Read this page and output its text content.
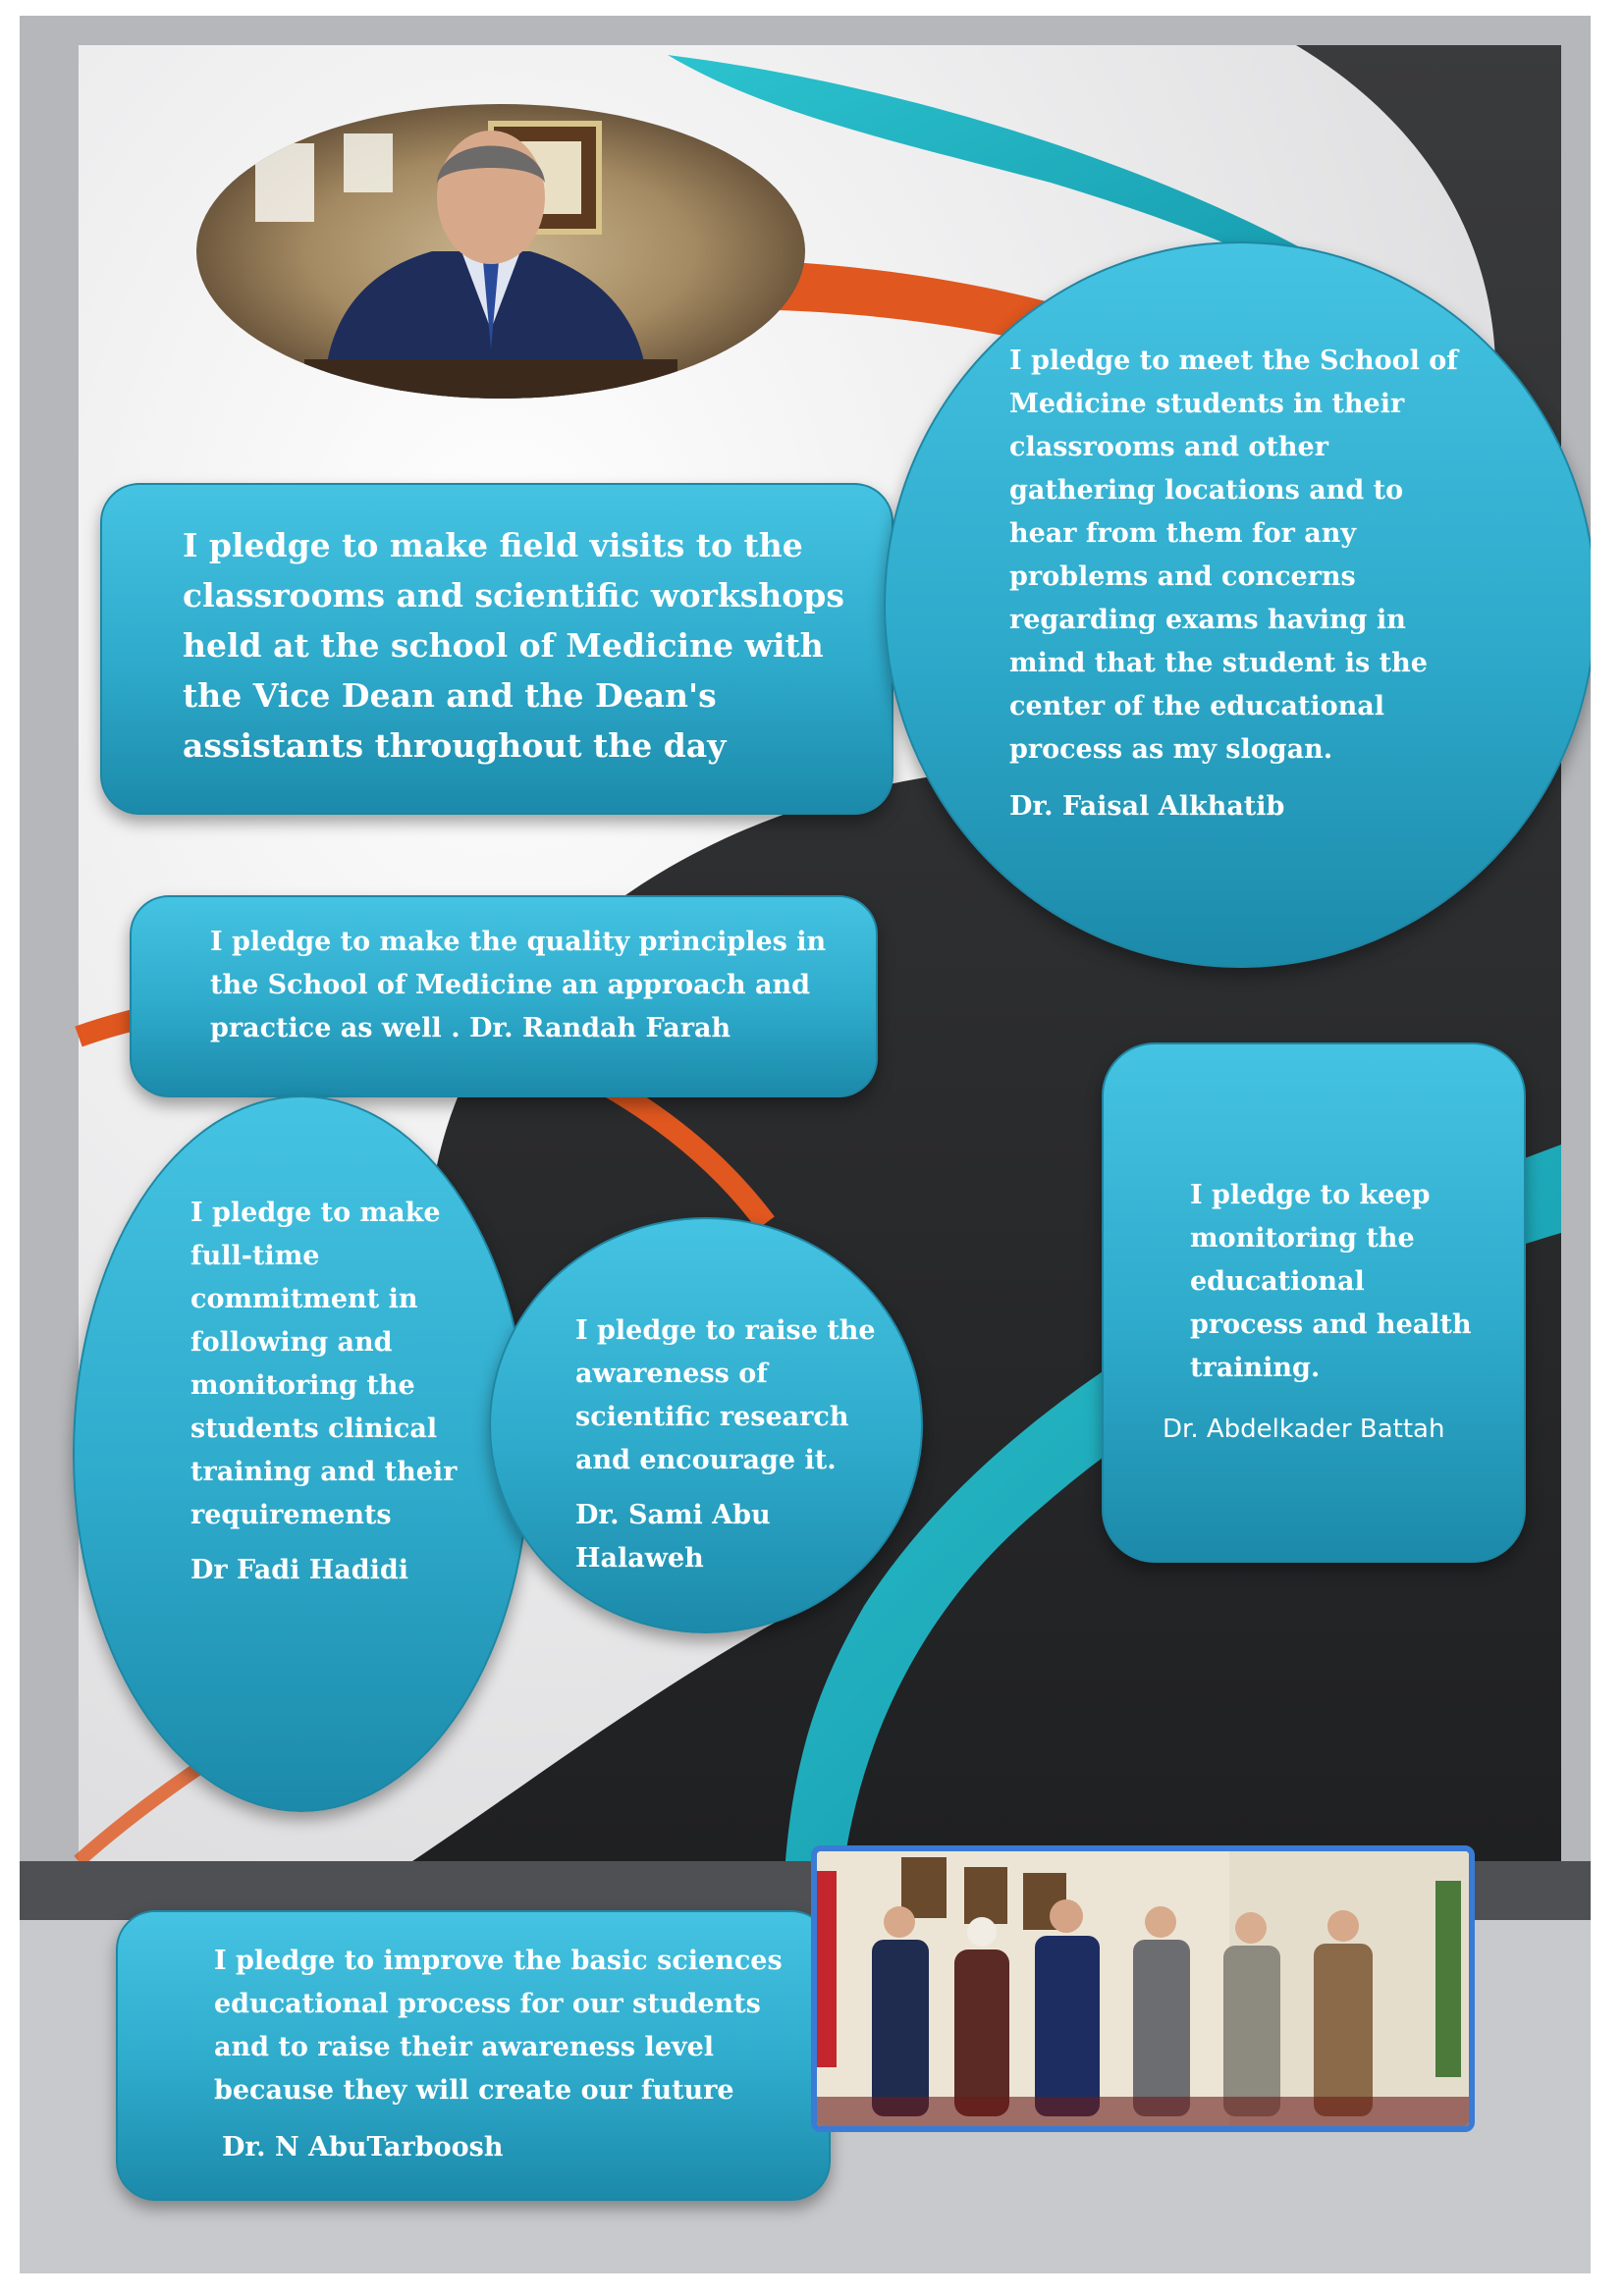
I pledge to make field visits to the classrooms and scientific workshops held at the school of Medicine with the Vice Dean and the Dean's assistants throughout the day

I pledge to meet the School of Medicine students in their classrooms and other gathering locations and to hear from them for any problems and concerns regarding exams having in mind that the student is the center of the educational process as my slogan.

Dr. Faisal Alkhatib

I pledge to make the quality principles in the School of Medicine an approach and practice as well . Dr. Randah Farah

I pledge to make full-time commitment in following and monitoring the students clinical training and their requirements

Dr Fadi Hadidi

I pledge to raise the awareness of scientific research and encourage it.

Dr. Sami Abu Halaweh

I pledge to keep monitoring the educational process and health training.

Dr. Abdelkader Battah

I pledge to improve the basic sciences educational process for our students and to raise their awareness level because they will create our future

Dr. N AbuTarboosh
